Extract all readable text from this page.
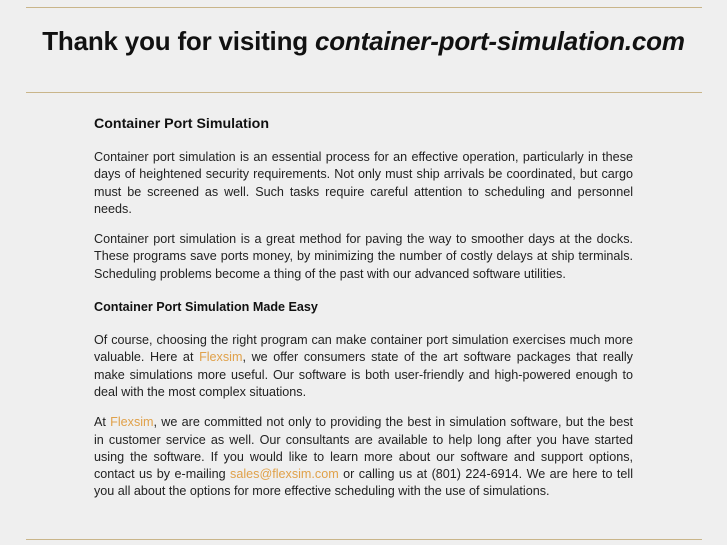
Thank you for visiting container-port-simulation.com
Container Port Simulation

Container port simulation is an essential process for an effective operation, particularly in these days of heightened security requirements. Not only must ship arrivals be coordinated, but cargo must be screened as well. Such tasks require careful attention to scheduling and personnel needs.

Container port simulation is a great method for paving the way to smoother days at the docks. These programs save ports money, by minimizing the number of costly delays at ship terminals. Scheduling problems become a thing of the past with our advanced software utilities.

Container Port Simulation Made Easy

Of course, choosing the right program can make container port simulation exercises much more valuable. Here at Flexsim, we offer consumers state of the art software packages that really make simulations more useful. Our software is both user-friendly and high-powered enough to deal with the most complex situations.

At Flexsim, we are committed not only to providing the best in simulation software, but the best in customer service as well. Our consultants are available to help long after you have started using the software. If you would like to learn more about our software and support options, contact us by e-mailing sales@flexsim.com or calling us at (801) 224-6914. We are here to tell you all about the options for more effective scheduling with the use of simulations.
